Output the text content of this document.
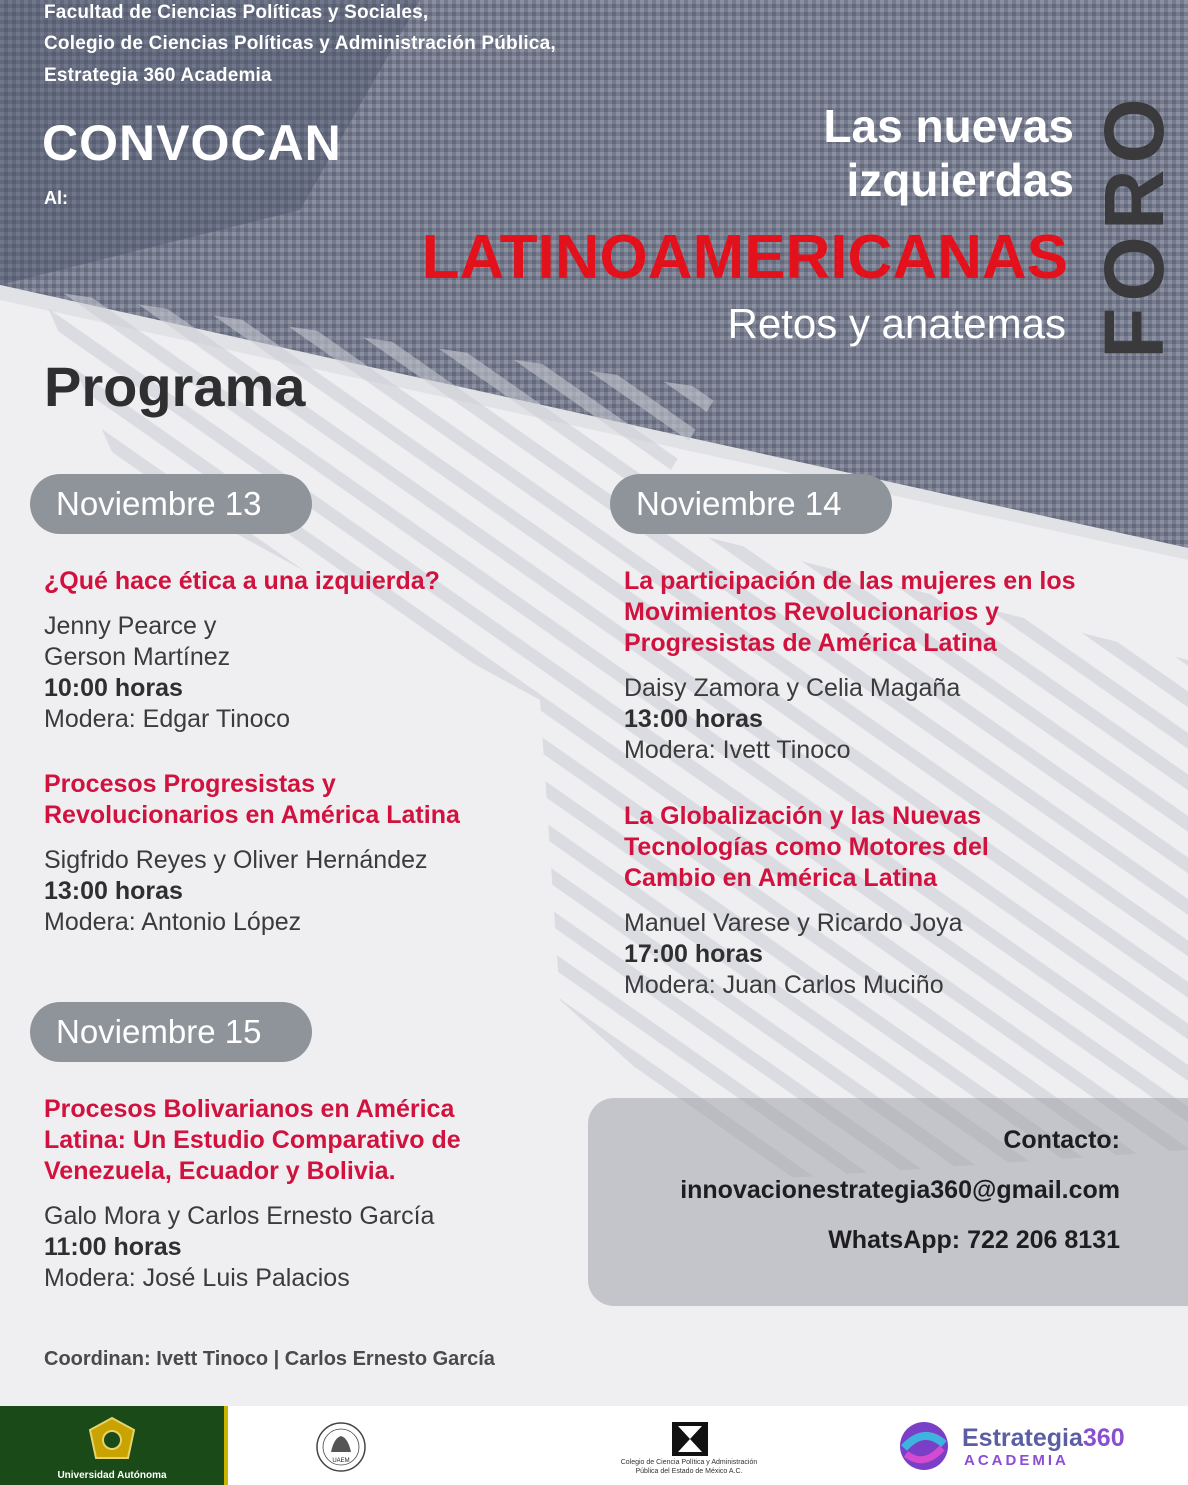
Facultad de Ciencias Políticas y Sociales,
Colegio de Ciencias Políticas y Administración Pública,
Estrategia 360 Academia
CONVOCAN
Al:
Las nuevas
izquierdas
LATINOAMERICANAS
Retos y anatemas FORO
Programa
Noviembre 13
¿Qué hace ética a una izquierda?
Jenny Pearce y
Gerson Martínez
10:00 horas
Modera: Edgar Tinoco
Procesos Progresistas y
Revolucionarios en América Latina
Sigfrido Reyes y Oliver Hernández
13:00 horas
Modera: Antonio López
Noviembre 14
La participación de las mujeres en los
Movimientos Revolucionarios y
Progresistas de América Latina
Daisy Zamora y Celia Magaña
13:00 horas
Modera: Ivett Tinoco
La Globalización y las Nuevas
Tecnologías como Motores del
Cambio en América Latina
Manuel Varese y Ricardo Joya
17:00 horas
Modera: Juan Carlos Muciño
Noviembre 15
Procesos Bolivarianos en América
Latina: Un Estudio Comparativo de
Venezuela, Ecuador y Bolivia.
Galo Mora y Carlos Ernesto García
11:00 horas
Modera: José Luis Palacios
Contacto:
innovacionestrategia360@gmail.com
WhatsApp: 722 206 8131
Coordinan: Ivett Tinoco | Carlos Ernesto García
Universidad Autónoma
UAEM	Colegio de Ciencia Política y Administración Pública del Estado de México A.C.
Estrategia360
ACADEMIA
